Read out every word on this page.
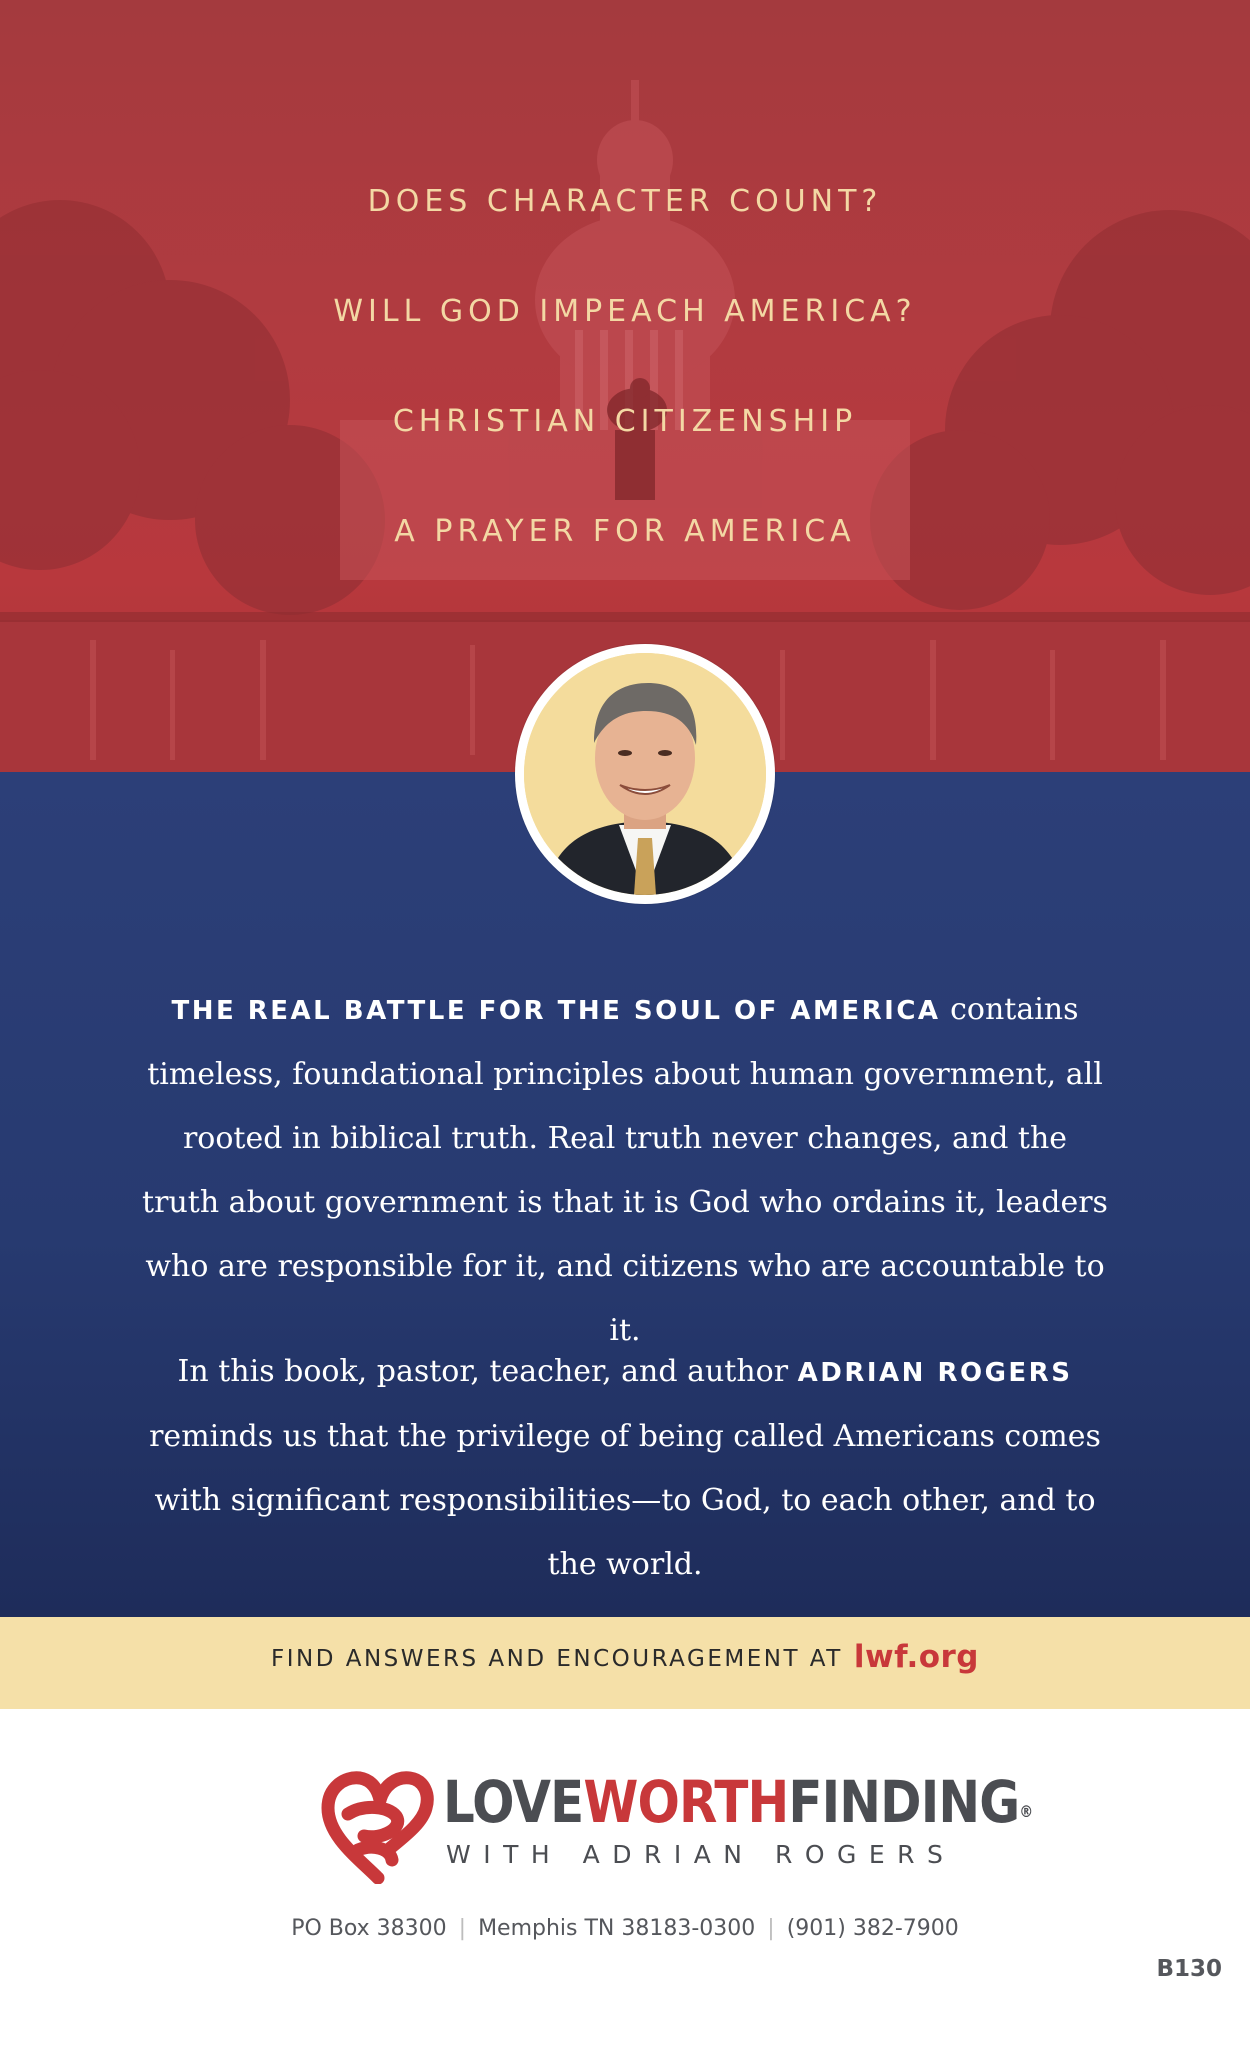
DOES CHARACTER COUNT?
WILL GOD IMPEACH AMERICA?
CHRISTIAN CITIZENSHIP
A PRAYER FOR AMERICA

THE REAL BATTLE FOR THE SOUL OF AMERICA contains timeless, foundational principles about human government, all rooted in biblical truth. Real truth never changes, and the truth about government is that it is God who ordains it, leaders who are responsible for it, and citizens who are accountable to it.

In this book, pastor, teacher, and author ADRIAN ROGERS reminds us that the privilege of being called Americans comes with significant responsibilities—to God, to each other, and to the world.

FIND ANSWERS AND ENCOURAGEMENT AT lwf.org
LOVEWORTHFINDING®
WITH ADRIAN ROGERS
PO Box 38300 | Memphis TN 38183-0300 | (901) 382-7900
B130
